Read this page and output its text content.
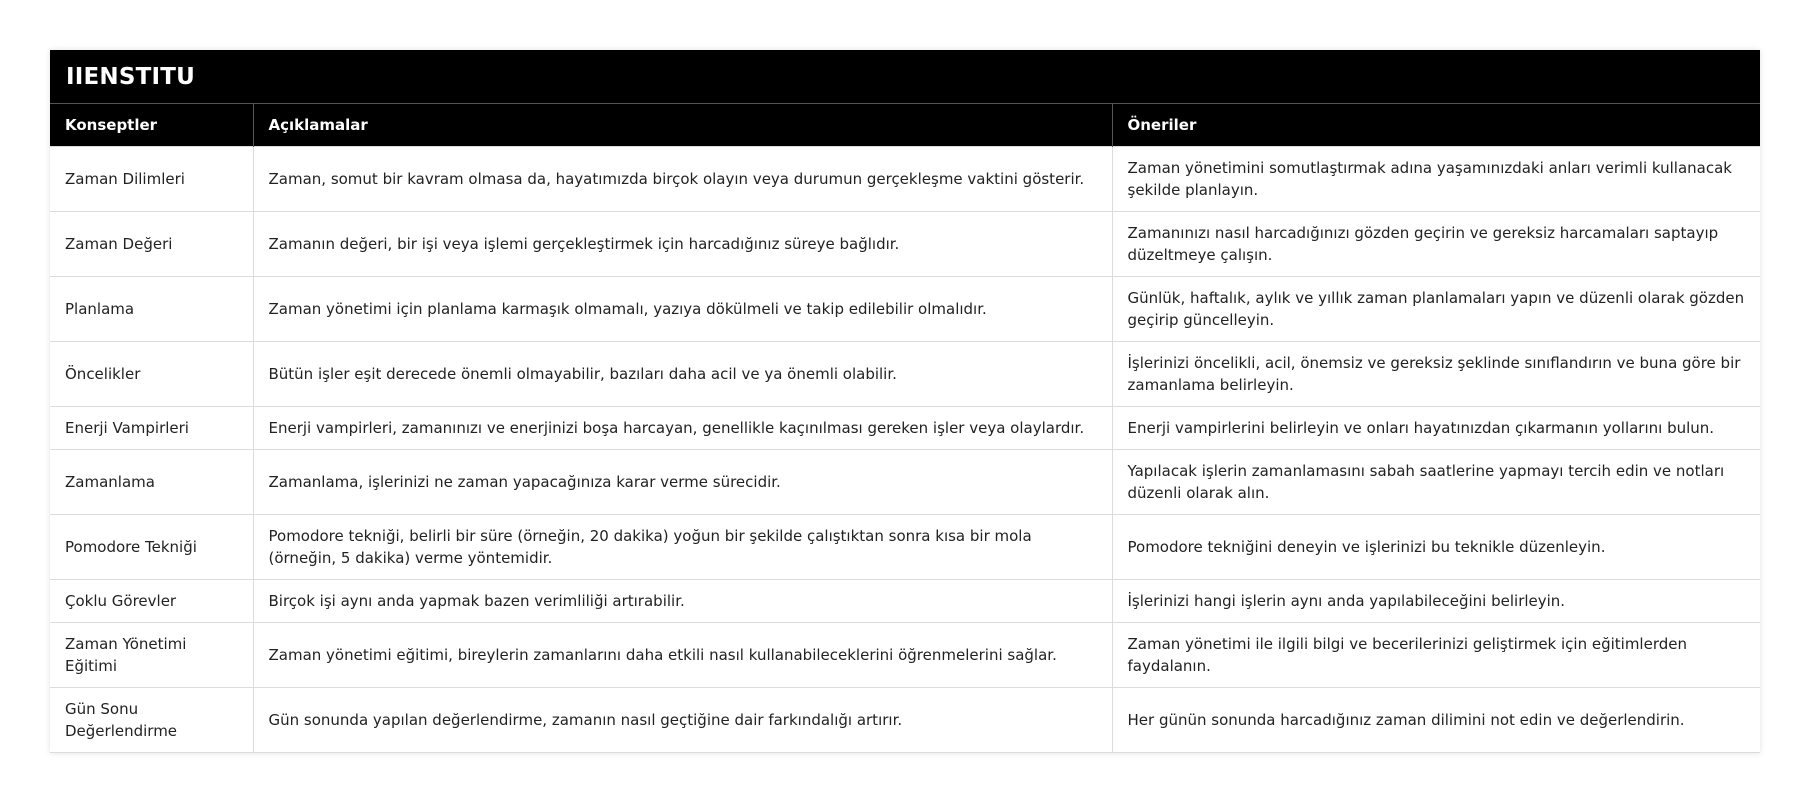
IIENSTITU
Konseptler	Açıklamalar	Öneriler
Zaman Dilimleri	Zaman, somut bir kavram olmasa da, hayatımızda birçok olayın veya durumun gerçekleşme vaktini gösterir.	Zaman yönetimini somutlaştırmak adına yaşamınızdaki anları verimli kullanacak şekilde planlayın.
Zaman Değeri	Zamanın değeri, bir işi veya işlemi gerçekleştirmek için harcadığınız süreye bağlıdır.	Zamanınızı nasıl harcadığınızı gözden geçirin ve gereksiz harcamaları saptayıp düzeltmeye çalışın.
Planlama	Zaman yönetimi için planlama karmaşık olmamalı, yazıya dökülmeli ve takip edilebilir olmalıdır.	Günlük, haftalık, aylık ve yıllık zaman planlamaları yapın ve düzenli olarak gözden geçirip güncelleyin.
Öncelikler	Bütün işler eşit derecede önemli olmayabilir, bazıları daha acil ve ya önemli olabilir.	İşlerinizi öncelikli, acil, önemsiz ve gereksiz şeklinde sınıflandırın ve buna göre bir zamanlama belirleyin.
Enerji Vampirleri	Enerji vampirleri, zamanınızı ve enerjinizi boşa harcayan, genellikle kaçınılması gereken işler veya olaylardır.	Enerji vampirlerini belirleyin ve onları hayatınızdan çıkarmanın yollarını bulun.
Zamanlama	Zamanlama, işlerinizi ne zaman yapacağınıza karar verme sürecidir.	Yapılacak işlerin zamanlamasını sabah saatlerine yapmayı tercih edin ve notları düzenli olarak alın.
Pomodore Tekniği	Pomodore tekniği, belirli bir süre (örneğin, 20 dakika) yoğun bir şekilde çalıştıktan sonra kısa bir mola (örneğin, 5 dakika) verme yöntemidir.	Pomodore tekniğini deneyin ve işlerinizi bu teknikle düzenleyin.
Çoklu Görevler	Birçok işi aynı anda yapmak bazen verimliliği artırabilir.	İşlerinizi hangi işlerin aynı anda yapılabileceğini belirleyin.
Zaman Yönetimi Eğitimi	Zaman yönetimi eğitimi, bireylerin zamanlarını daha etkili nasıl kullanabileceklerini öğrenmelerini sağlar.	Zaman yönetimi ile ilgili bilgi ve becerilerinizi geliştirmek için eğitimlerden faydalanın.
Gün Sonu Değerlendirme	Gün sonunda yapılan değerlendirme, zamanın nasıl geçtiğine dair farkındalığı artırır.	Her günün sonunda harcadığınız zaman dilimini not edin ve değerlendirin.
